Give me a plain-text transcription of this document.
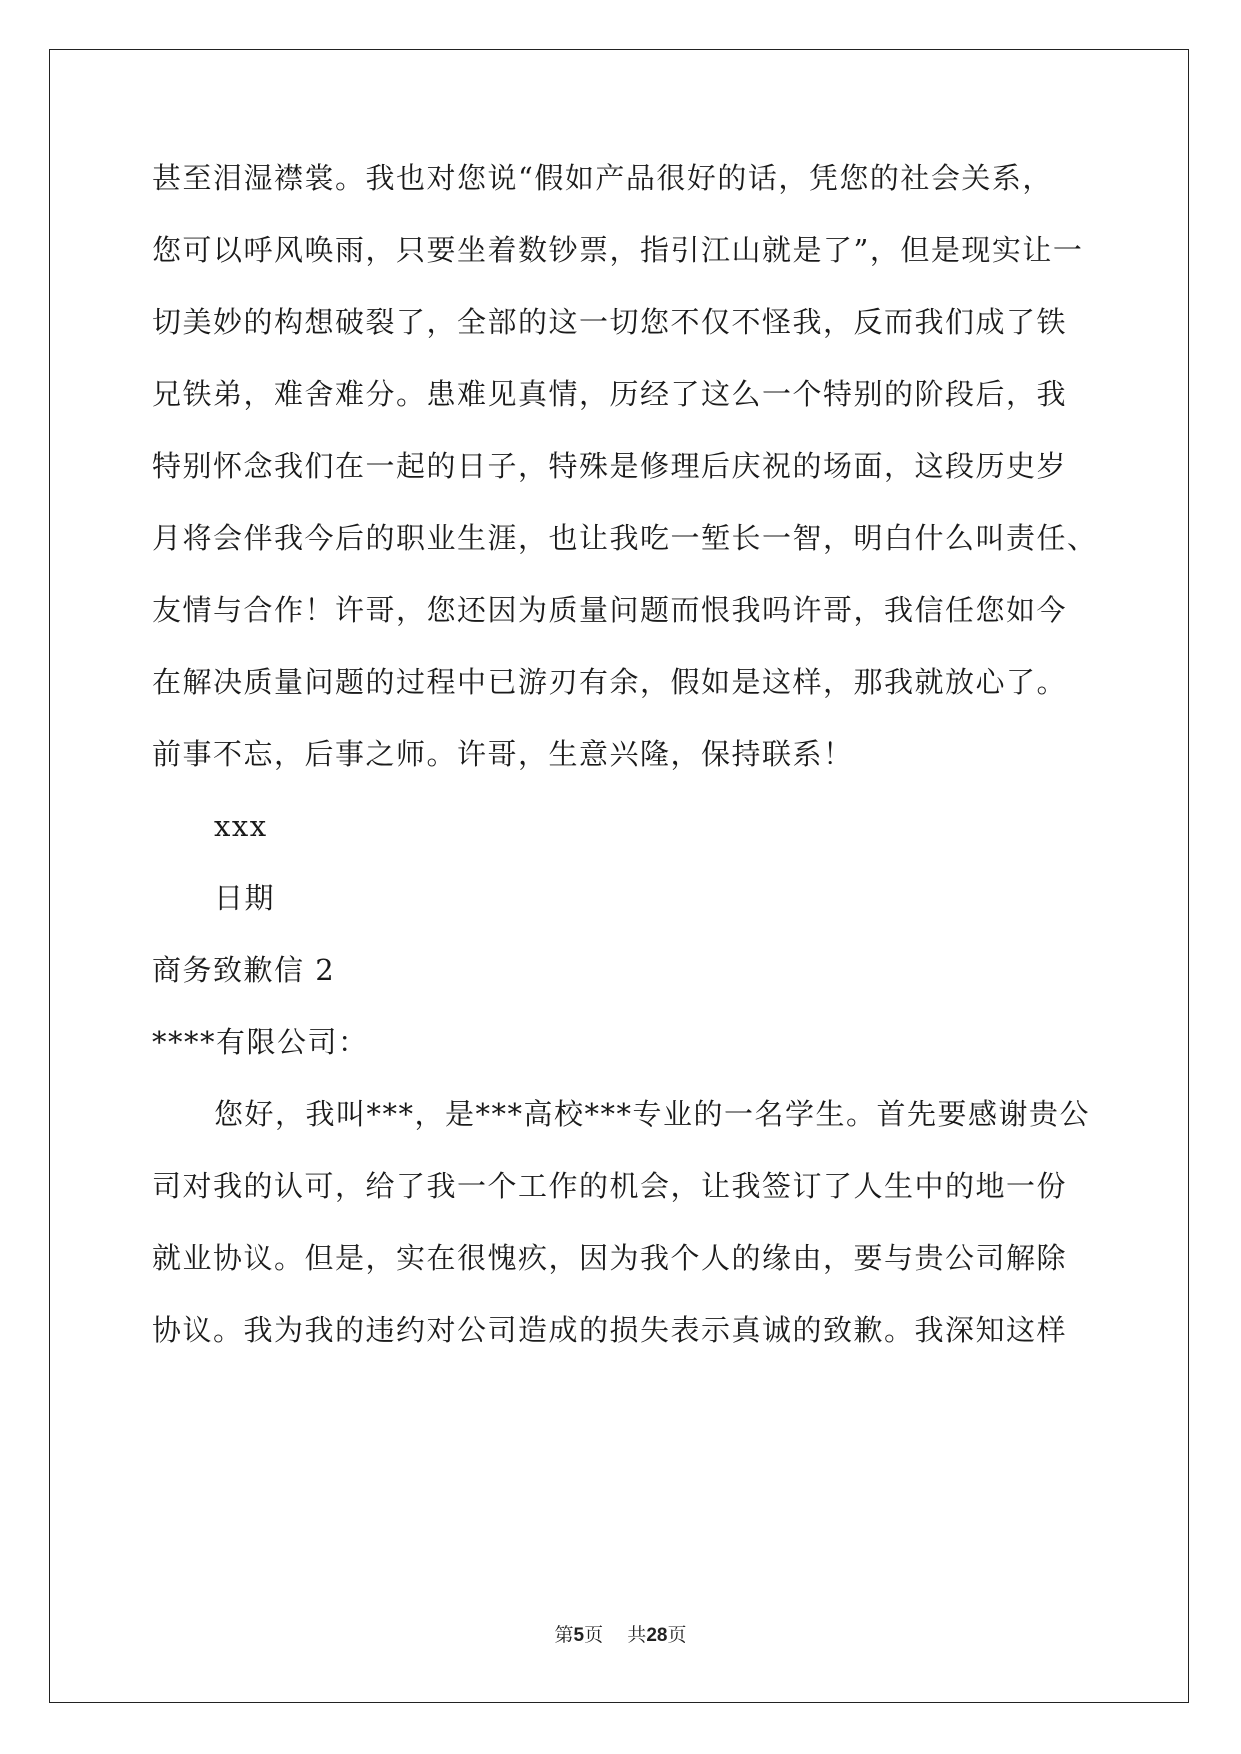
甚至泪湿襟裳。我也对您说“假如产品很好的话，凭您的社会关系，
您可以呼风唤雨，只要坐着数钞票，指引江山就是了”，但是现实让一
切美妙的构想破裂了，全部的这一切您不仅不怪我，反而我们成了铁
兄铁弟，难舍难分。患难见真情，历经了这么一个特别的阶段后，我
特别怀念我们在一起的日子，特殊是修理后庆祝的场面，这段历史岁
月将会伴我今后的职业生涯，也让我吃一堑长一智，明白什么叫责任、
友情与合作！许哥，您还因为质量问题而恨我吗许哥，我信任您如今
在解决质量问题的过程中已游刃有余，假如是这样，那我就放心了。
前事不忘，后事之师。许哥，生意兴隆，保持联系！
xxx
日期
商务致歉信 2
****有限公司：
您好，我叫***，是***高校***专业的一名学生。首先要感谢贵公
司对我的认可，给了我一个工作的机会，让我签订了人生中的地一份
就业协议。但是，实在很愧疚，因为我个人的缘由，要与贵公司解除
协议。我为我的违约对公司造成的损失表示真诚的致歉。我深知这样
第5页 共28页
